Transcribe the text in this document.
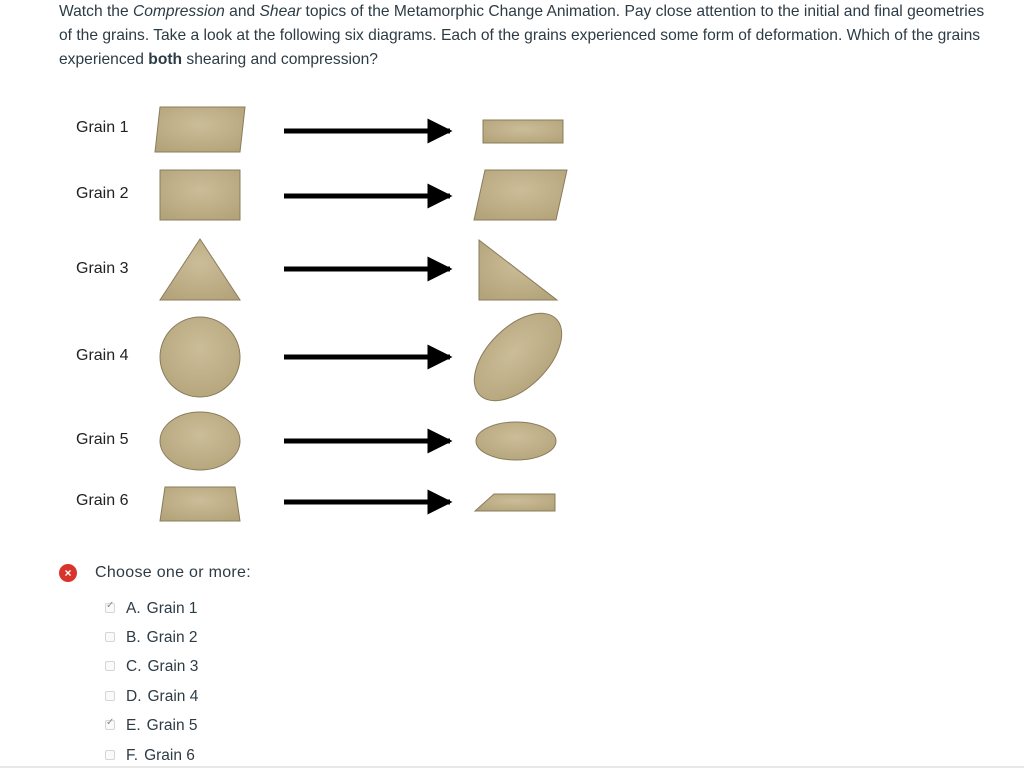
Watch the Compression and Shear topics of the Metamorphic Change Animation. Pay close attention to the initial and final geometries of the grains. Take a look at the following six diagrams. Each of the grains experienced some form of deformation. Which of the grains experienced both shearing and compression?
Grain 1
Grain 2
Grain 3
Grain 4
Grain 5
Grain 6
×	Choose one or more:
✓
A. Grain 1
B. Grain 2
C. Grain 3
D. Grain 4
✓
E. Grain 5
F. Grain 6
